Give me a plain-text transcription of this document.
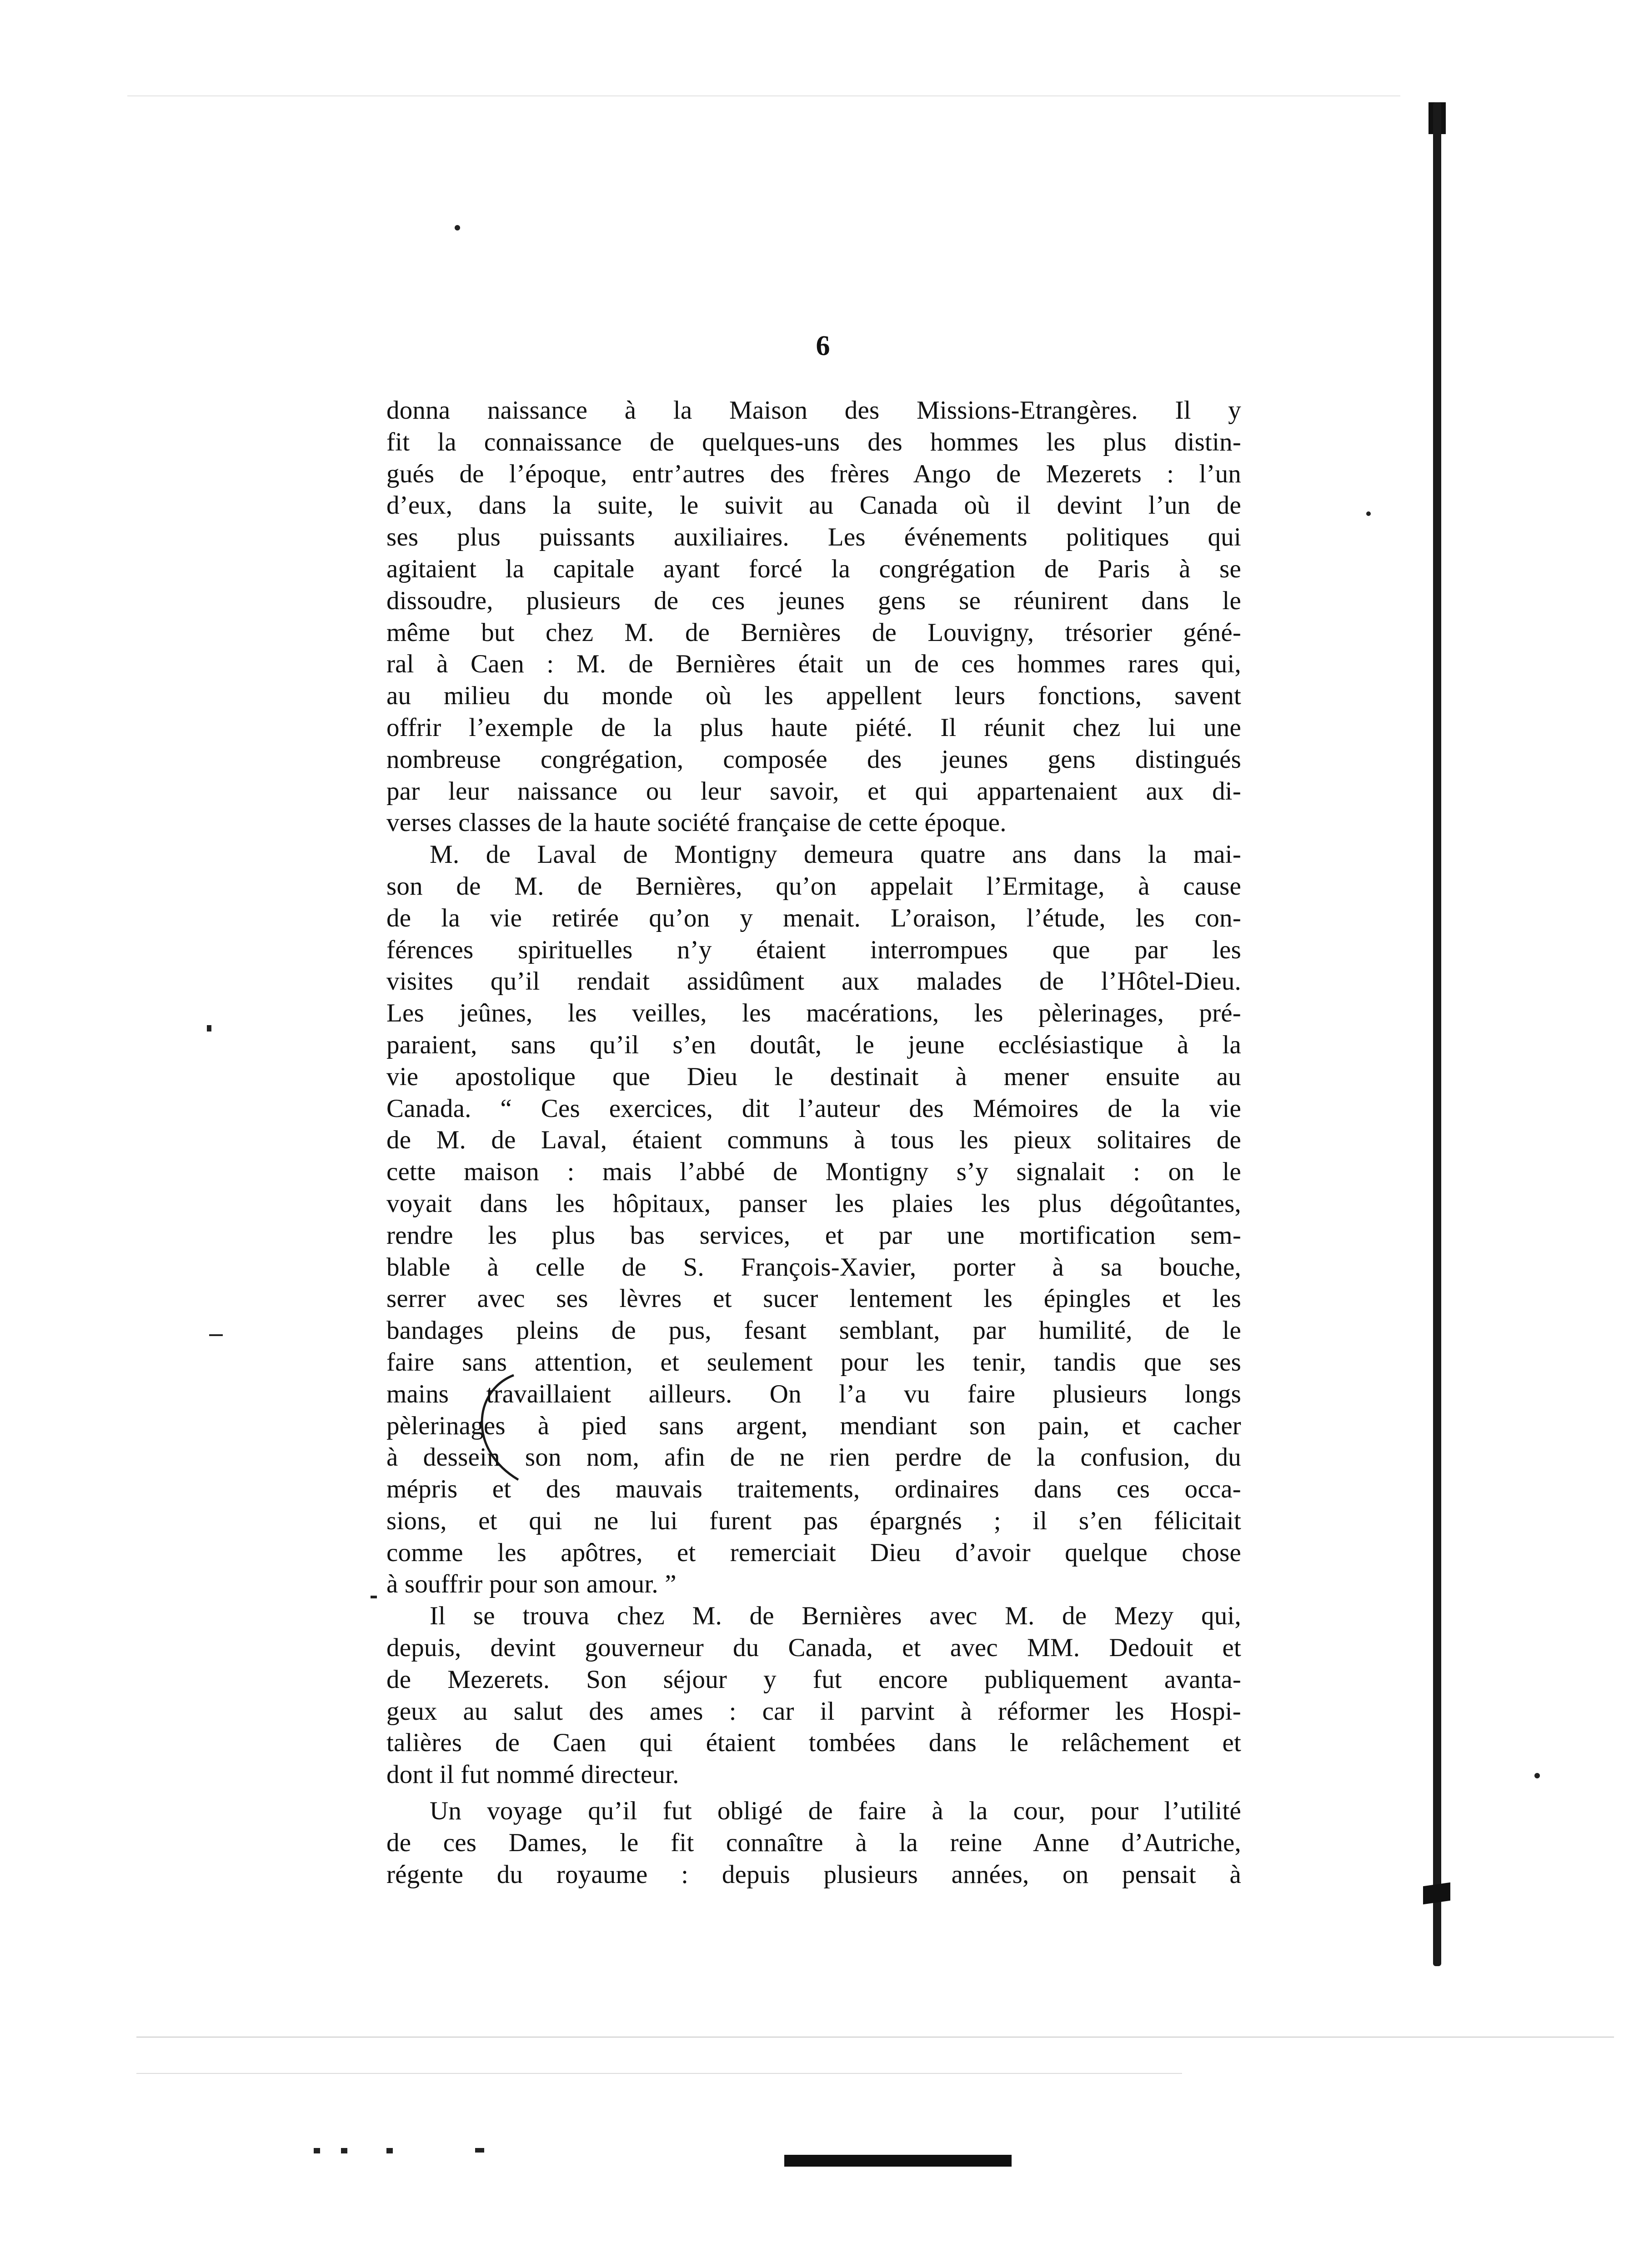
6
donna naissance à la Maison des Missions-Etrangères. Il y
fit la connaissance de quelques-uns des hommes les plus distin-
gués de l’époque, entr’autres des frères Ango de Mezerets : l’un
d’eux, dans la suite, le suivit au Canada où il devint l’un de
ses plus puissants auxiliaires. Les événements politiques qui
agitaient la capitale ayant forcé la congrégation de Paris à se
dissoudre, plusieurs de ces jeunes gens se réunirent dans le
même but chez M. de Bernières de Louvigny, trésorier géné-
ral à Caen : M. de Bernières était un de ces hommes rares qui,
au milieu du monde où les appellent leurs fonctions, savent
offrir l’exemple de la plus haute piété. Il réunit chez lui une
nombreuse congrégation, composée des jeunes gens distingués
par leur naissance ou leur savoir, et qui appartenaient aux di-
verses classes de la haute société française de cette époque.
M. de Laval de Montigny demeura quatre ans dans la mai-
son de M. de Bernières, qu’on appelait l’Ermitage, à cause
de la vie retirée qu’on y menait. L’oraison, l’étude, les con-
férences spirituelles n’y étaient interrompues que par les
visites qu’il rendait assidûment aux malades de l’Hôtel-Dieu.
Les jeûnes, les veilles, les macérations, les pèlerinages, pré-
paraient, sans qu’il s’en doutât, le jeune ecclésiastique à la
vie apostolique que Dieu le destinait à mener ensuite au
Canada. “ Ces exercices, dit l’auteur des Mémoires de la vie
de M. de Laval, étaient communs à tous les pieux solitaires de
cette maison : mais l’abbé de Montigny s’y signalait : on le
voyait dans les hôpitaux, panser les plaies les plus dégoûtantes,
rendre les plus bas services, et par une mortification sem-
blable à celle de S. François-Xavier, porter à sa bouche,
serrer avec ses lèvres et sucer lentement les épingles et les
bandages pleins de pus, fesant semblant, par humilité, de le
faire sans attention, et seulement pour les tenir, tandis que ses
mains travaillaient ailleurs. On l’a vu faire plusieurs longs
pèlerinages à pied sans argent, mendiant son pain, et cacher
à dessein son nom, afin de ne rien perdre de la confusion, du
mépris et des mauvais traitements, ordinaires dans ces occa-
sions, et qui ne lui furent pas épargnés ; il s’en félicitait
comme les apôtres, et remerciait Dieu d’avoir quelque chose
à souffrir pour son amour. ”
Il se trouva chez M. de Bernières avec M. de Mezy qui,
depuis, devint gouverneur du Canada, et avec MM. Dedouit et
de Mezerets. Son séjour y fut encore publiquement avanta-
geux au salut des ames : car il parvint à réformer les Hospi-
talières de Caen qui étaient tombées dans le relâchement et
dont il fut nommé directeur.
Un voyage qu’il fut obligé de faire à la cour, pour l’utilité
de ces Dames, le fit connaître à la reine Anne d’Autriche,
régente du royaume : depuis plusieurs années, on pensait à
